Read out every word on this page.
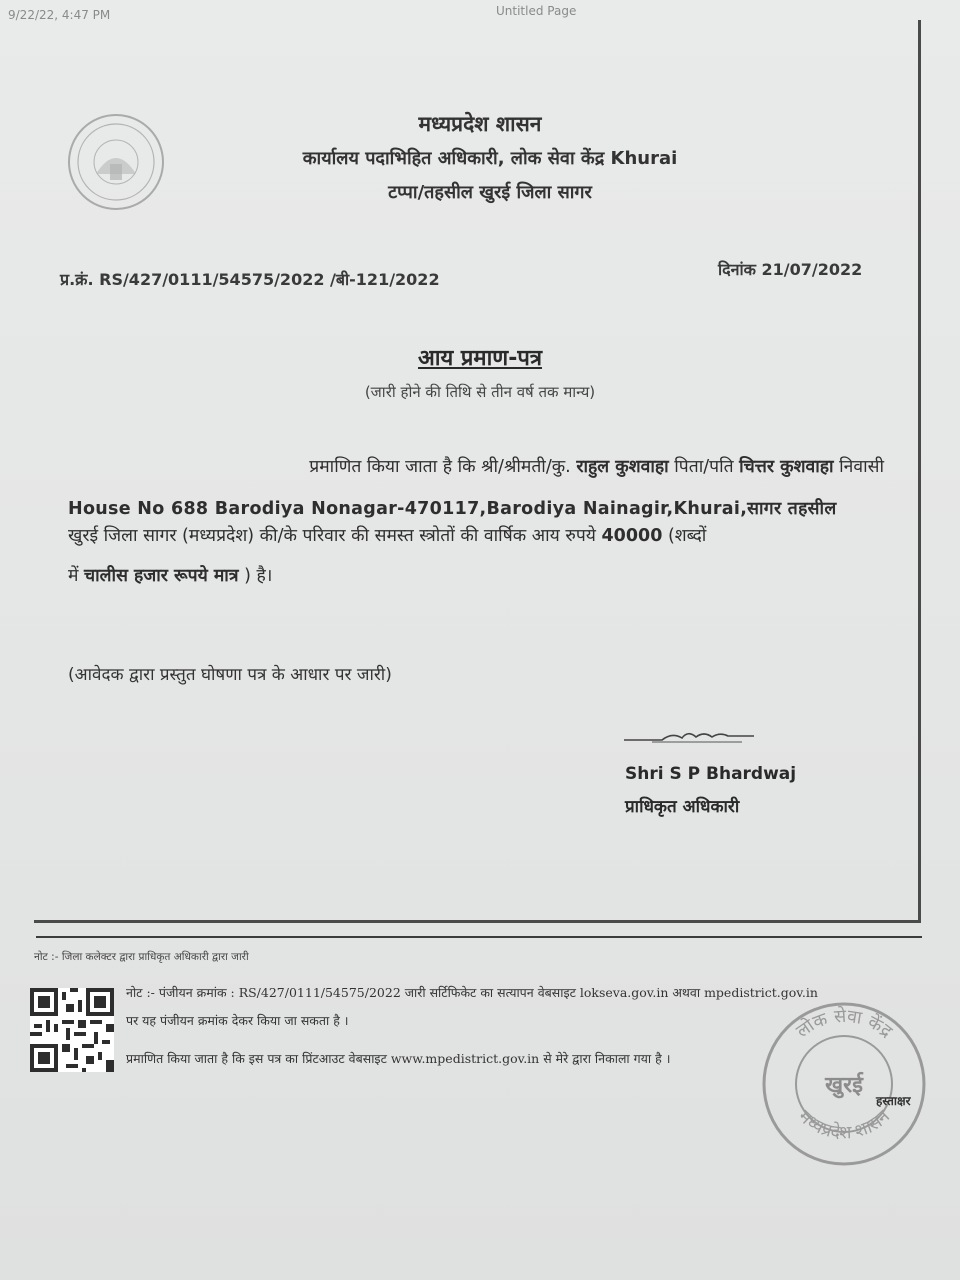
9/22/22, 4:47 PM	Untitled Page
मध्यप्रदेश शासन
कार्यालय पदाभिहित अधिकारी, लोक सेवा केंद्र Khurai
टप्पा/तहसील खुरई जिला सागर
प्र.क्रं. RS/427/0111/54575/2022 /बी-121/2022
दिनांक 21/07/2022
आय प्रमाण-पत्र
(जारी होने की तिथि से तीन वर्ष तक मान्य)
प्रमाणित किया जाता है कि श्री/श्रीमती/कु. राहुल कुशवाहा पिता/पति चित्तर कुशवाहा निवासी
House No 688 Barodiya Nonagar-470117,Barodiya Nainagir,Khurai,सागर तहसील
खुरई जिला सागर (मध्यप्रदेश) की/के परिवार की समस्त स्त्रोतों की वार्षिक आय रुपये 40000 (शब्दों
में चालीस हजार रूपये मात्र ) है।
(आवेदक द्वारा प्रस्तुत घोषणा पत्र के आधार पर जारी)
Shri S P Bhardwaj
प्राधिकृत अधिकारी
नोट :- जिला कलेक्टर द्वारा प्राधिकृत अधिकारी द्वारा जारी
नोट :- पंजीयन क्रमांक : RS/427/0111/54575/2022 जारी सर्टिफिकेट का सत्यापन वेबसाइट lokseva.gov.in अथवा mpedistrict.gov.in
पर यह पंजीयन क्रमांक देकर किया जा सकता है ।
प्रमाणित किया जाता है कि इस पत्र का प्रिंटआउट वेबसाइट www.mpedistrict.gov.in से मेरे द्वारा निकाला गया है ।
लोक सेवा केंद्र
मध्यप्रदेश शासन
खुरई
हस्ताक्षर
